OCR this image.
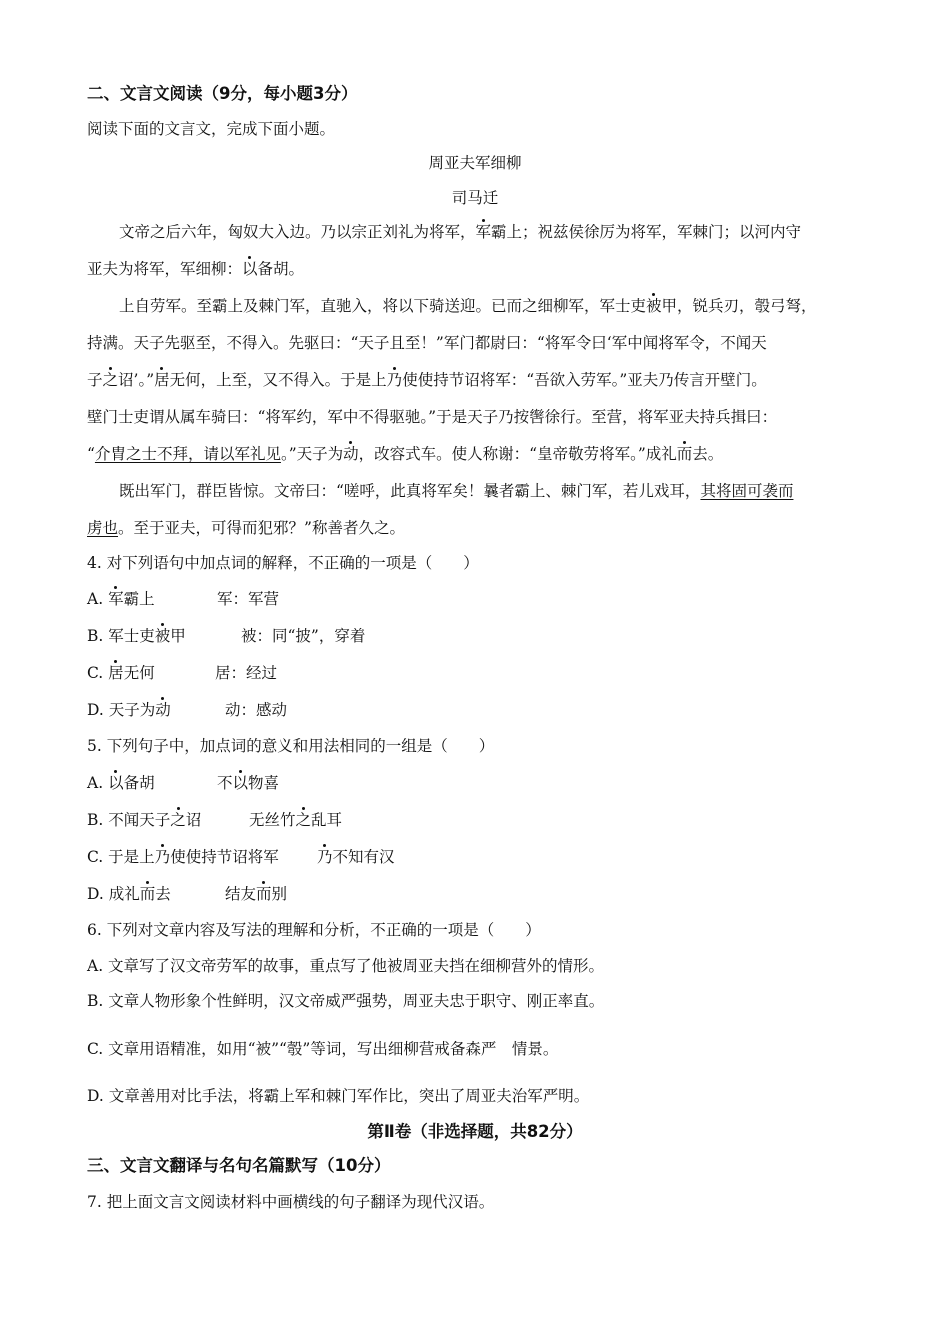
二、文言文阅读（9分，每小题3分）
阅读下面的文言文，完成下面小题。
周亚夫军细柳
司马迁
文帝之后六年，匈奴大入边。乃以宗正刘礼为将军，军霸上；祝兹侯徐厉为将军，军棘门；以河内守
亚夫为将军，军细柳：以备胡。
上自劳军。至霸上及棘门军，直驰入，将以下骑送迎。已而之细柳军，军士吏被甲，锐兵刃，彀弓弩，
持满。天子先驱至，不得入。先驱曰：“天子且至！”军门都尉曰：“将军令曰‘军中闻将军令，不闻天
子之诏’。”居无何，上至，又不得入。于是上乃使使持节诏将军：“吾欲入劳军。”亚夫乃传言开壁门。
壁门士吏谓从属车骑曰：“将军约，军中不得驱驰。”于是天子乃按辔徐行。至营，将军亚夫持兵揖曰：
“介胄之士不拜，请以军礼见。”天子为动，改容式车。使人称谢：“皇帝敬劳将军。”成礼而去。
既出军门，群臣皆惊。文帝曰：“嗟呼，此真将军矣！曩者霸上、棘门军，若儿戏耳，其将固可袭而
虏也。至于亚夫，可得而犯邪？”称善者久之。
4. 对下列语句中加点词的解释，不正确的一项是（　　）
A. 军霸上	军：军营
B. 军士吏被甲	被：同“披”，穿着
C. 居无何	居：经过
D. 天子为动	动：感动
5. 下列句子中，加点词的意义和用法相同的一组是（　　）
A. 以备胡	不以物喜
B. 不闻天子之诏	无丝竹之乱耳
C. 于是上乃使使持节诏将军 乃不知有汉
D. 成礼而去	结友而别
6. 下列对文章内容及写法的理解和分析，不正确的一项是（　　）
A. 文章写了汉文帝劳军的故事，重点写了他被周亚夫挡在细柳营外的情形。
B. 文章人物形象个性鲜明，汉文帝威严强势，周亚夫忠于职守、刚正率直。
C. 文章用语精准，如用“被”“彀”等词，写出细柳营戒备森严　情景。
D. 文章善用对比手法，将霸上军和棘门军作比，突出了周亚夫治军严明。
第Ⅱ卷（非选择题，共82分）
三、文言文翻译与名句名篇默写（10分）
7. 把上面文言文阅读材料中画横线的句子翻译为现代汉语。
